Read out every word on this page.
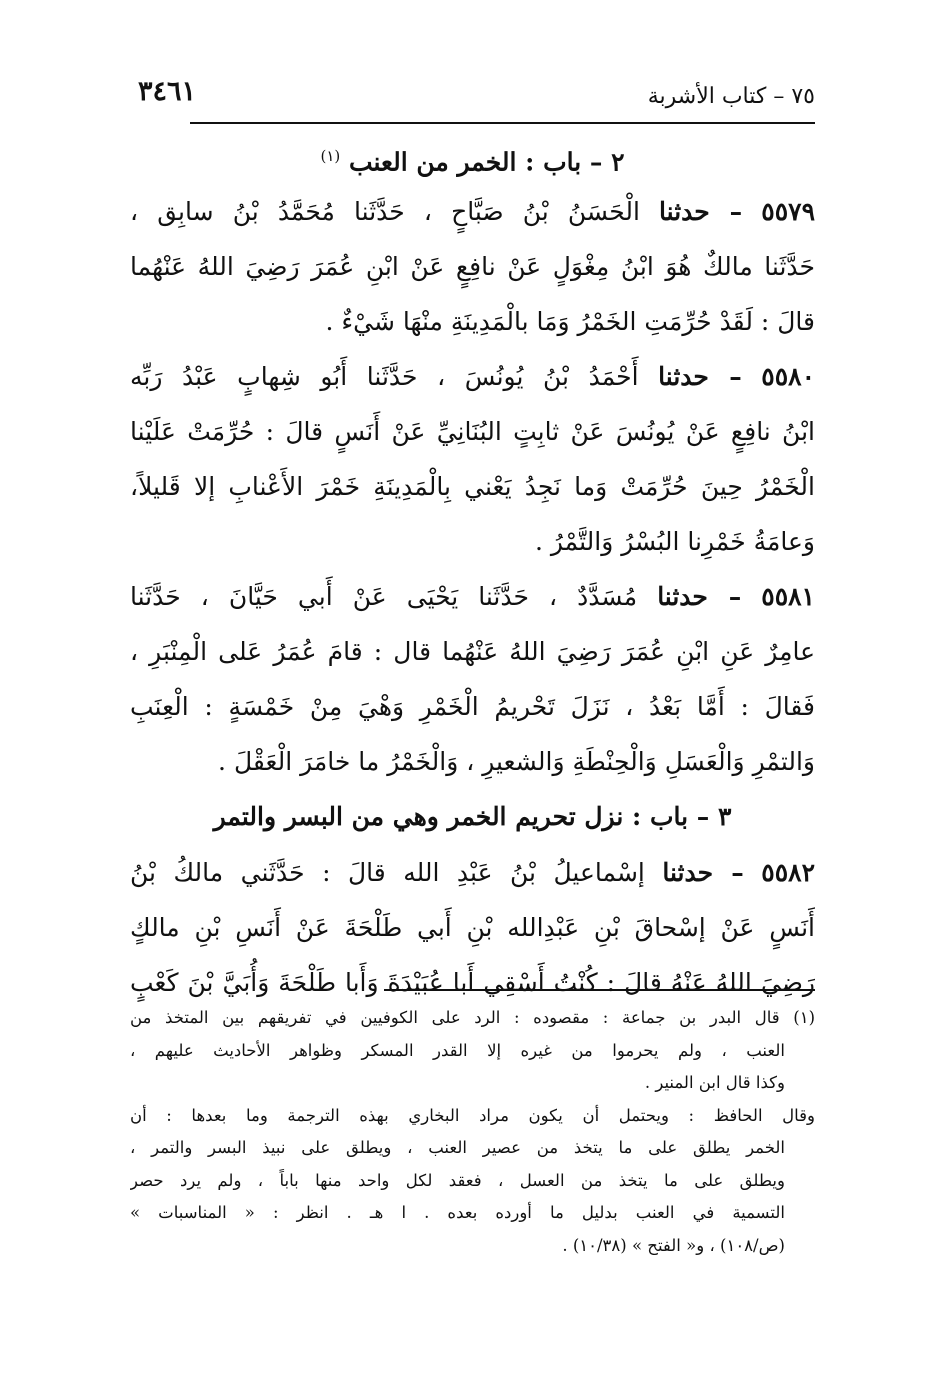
٧٥ – كتاب الأشربة
٣٤٦١
٢ – باب : الخمر من العنب $^{(١)}$
٥٥٧٩ – حدثنا الْحَسَنُ بْنُ صَبَّاحٍ ، حَدَّثَنا مُحَمَّدُ بْنُ سابِق ،
حَدَّثَنا مالكٌ هُوَ ابْنُ مِغْوَلٍ عَنْ نافِعٍ عَنْ ابْنِ عُمَرَ رَضِيَ اللهُ عَنْهُما
قالَ : لَقَدْ حُرِّمَتِ الخَمْرُ وَمَا بالْمَدِينَةِ منْهَا شَيْءٌ .
٥٥٨٠ – حدثنا أَحْمَدُ بْنُ يُونُسَ ، حَدَّثَنا أَبُو شِهابٍ عَبْدُ رَبِّه
ابْنُ نافِعٍ عَنْ يُونُسَ عَنْ ثابِتٍ البُنَانِيِّ عَنْ أَنَسٍ قالَ : حُرِّمَتْ عَلَيْنا
الْخَمْرُ حِينَ حُرِّمَتْ وَما نَجِدُ يَعْني بِالْمَدِينَةِ خَمْرَ الأَعْنابِ إلا قَليلاً،
وَعامَةُ خَمْرِنا البُسْرُ وَالتَّمْرُ .
٥٥٨١ – حدثنا مُسَدَّدٌ ، حَدَّثَنا يَحْيَى عَنْ أَبي حَيَّانَ ، حَدَّثَنا
عامِرٌ عَنِ ابْنِ عُمَرَ رَضِيَ اللهُ عَنْهُما قال : قامَ عُمَرُ عَلى الْمِنْبَرِ ،
فَقالَ : أَمَّا بَعْدُ ، نَزَلَ تَحْريمُ الْخَمْرِ وَهْيَ مِنْ خَمْسَةٍ : الْعِنَبِ
وَالتمْرِ وَالْعَسَلِ وَالْحِنْطَةِ وَالشعيرِ ، وَالْخَمْرُ ما خامَرَ الْعَقْلَ .
٣ – باب : نزل تحريم الخمر وهي من البسر والتمر
٥٥٨٢ – حدثنا إسْماعيلُ بْنُ عَبْدِ الله قالَ : حَدَّثَني مالكُ بْنُ
أَنَسٍ عَنْ إسْحاقَ بْنِ عَبْدِالله بْنِ أَبي طَلْحَةَ عَنْ أَنَسِ بْنِ مالكٍ
رَضِيَ اللهُ عَنْهُ قالَ : كُنْتُ أَسْقِي أَبا عُبَيْدَةَ وَأَبا طَلْحَةَ وَأُبَيَّ بْنَ كَعْبٍ
(١) قال البدر بن جماعة : مقصوده : الرد على الكوفيين في تفريقهم بين المتخذ من
العنب ، ولم يحرموا من غيره إلا القدر المسكر وظواهر الأحاديث عليهم ،
وكذا قال ابن المنير .
وقال الحافظ : ويحتمل أن يكون مراد البخاري بهذه الترجمة وما بعدها : أن
الخمر يطلق على ما يتخذ من عصير العنب ، ويطلق على نبيذ البسر والتمر ،
ويطلق على ما يتخذ من العسل ، فعقد لكل واحد منها باباً ، ولم يرد حصر
التسمية في العنب بدليل ما أورده بعده . ا هـ . انظر : « المناسبات »
(ص/١٠٨) ، و« الفتح » (١٠/٣٨) .
